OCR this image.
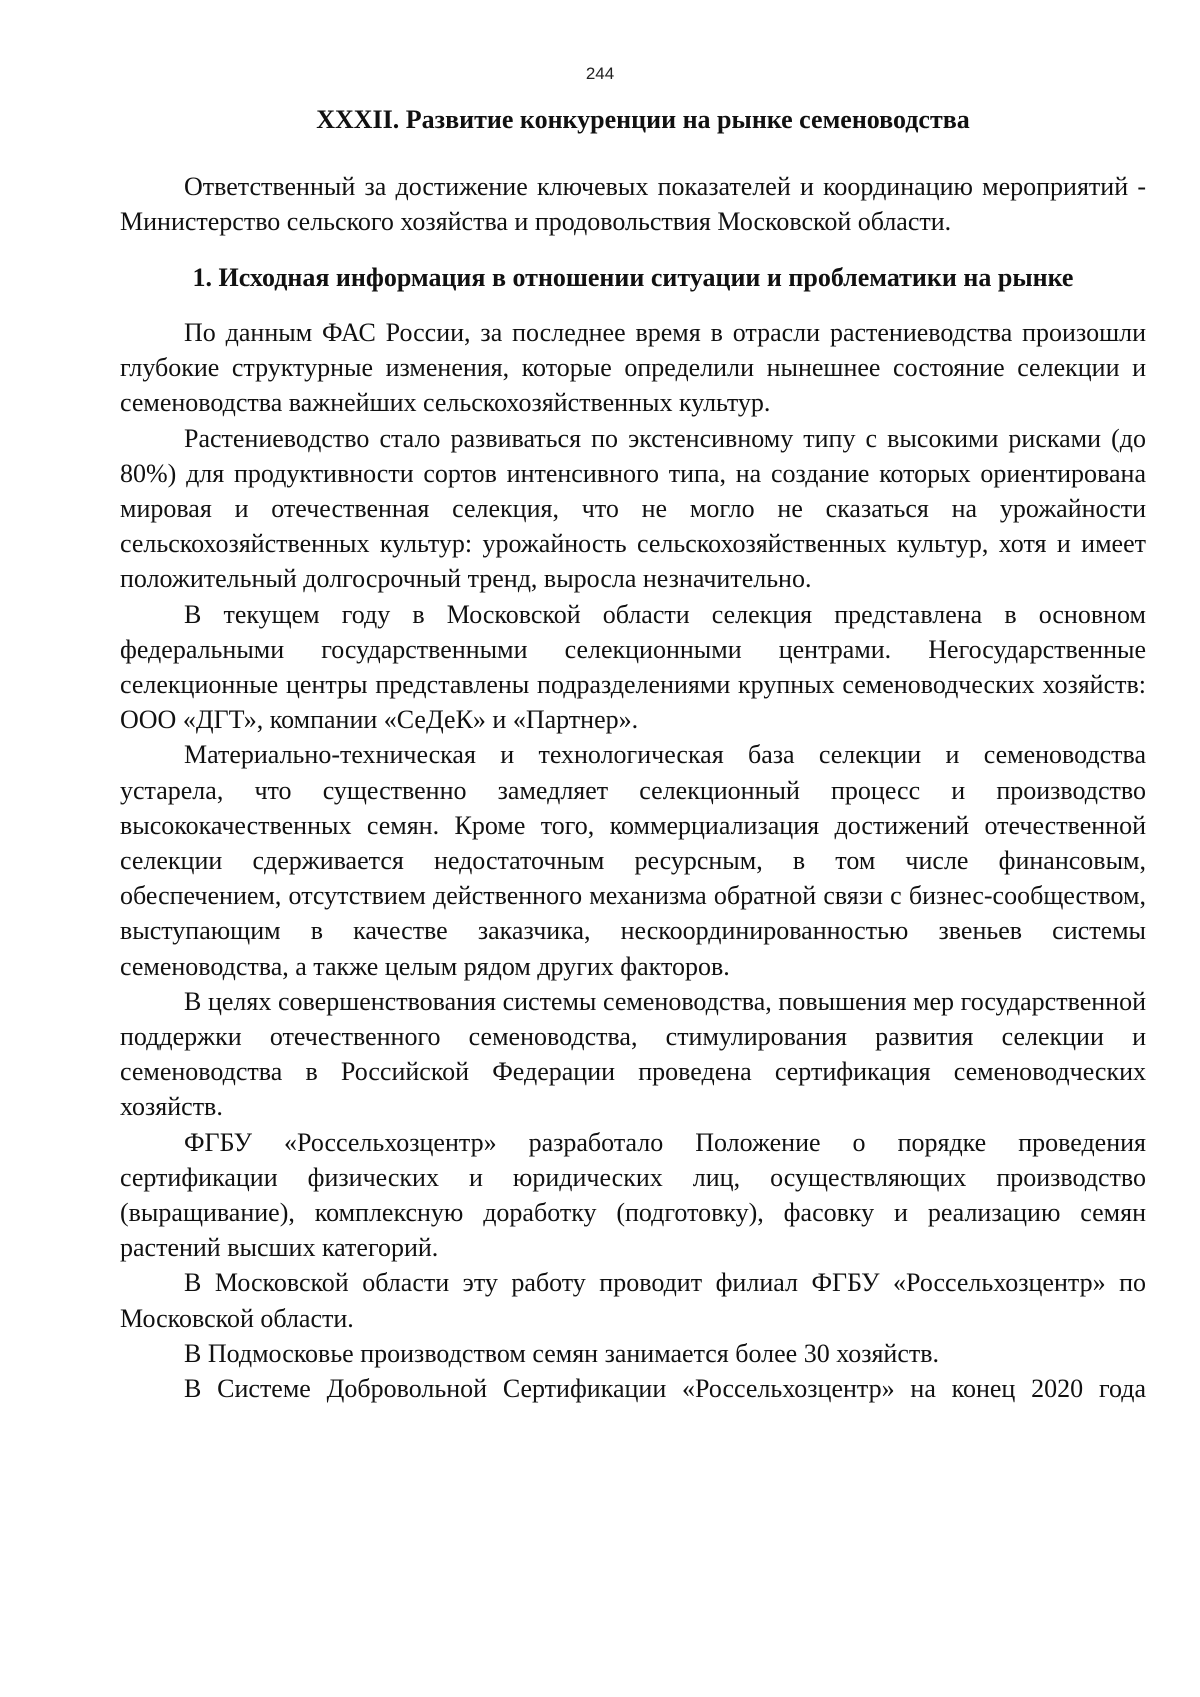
244
XXXII. Развитие конкуренции на рынке семеноводства

Ответственный за достижение ключевых показателей и координацию мероприятий - Министерство сельского хозяйства и продовольствия Московской области.

1. Исходная информация в отношении ситуации и проблематики на рынке

По данным ФАС России, за последнее время в отрасли растениеводства произошли глубокие структурные изменения, которые определили нынешнее состояние селекции и семеноводства важнейших сельскохозяйственных культур.

Растениеводство стало развиваться по экстенсивному типу с высокими рисками (до 80%) для продуктивности сортов интенсивного типа, на создание которых ориентирована мировая и отечественная селекция, что не могло не сказаться на урожайности сельскохозяйственных культур: урожайность сельскохозяйственных культур, хотя и имеет положительный долгосрочный тренд, выросла незначительно.

В текущем году в Московской области селекция представлена в основном федеральными государственными селекционными центрами. Негосударственные селекционные центры представлены подразделениями крупных семеноводческих хозяйств: ООО «ДГТ», компании «СеДеК» и «Партнер».

Материально-техническая и технологическая база селекции и семеноводства устарела, что существенно замедляет селекционный процесс и производство высококачественных семян. Кроме того, коммерциализация достижений отечественной селекции сдерживается недостаточным ресурсным, в том числе финансовым, обеспечением, отсутствием действенного механизма обратной связи с бизнес-сообществом, выступающим в качестве заказчика, нескоординированностью звеньев системы семеноводства, а также целым рядом других факторов.

В целях совершенствования системы семеноводства, повышения мер государственной поддержки отечественного семеноводства, стимулирования развития селекции и семеноводства в Российской Федерации проведена сертификация семеноводческих хозяйств.

ФГБУ «Россельхозцентр» разработало Положение о порядке проведения сертификации физических и юридических лиц, осуществляющих производство (выращивание), комплексную доработку (подготовку), фасовку и реализацию семян растений высших категорий.

В Московской области эту работу проводит филиал ФГБУ «Россельхозцентр» по Московской области.

В Подмосковье производством семян занимается более 30 хозяйств.

В Системе Добровольной Сертификации «Россельхозцентр» на конец 2020 года
